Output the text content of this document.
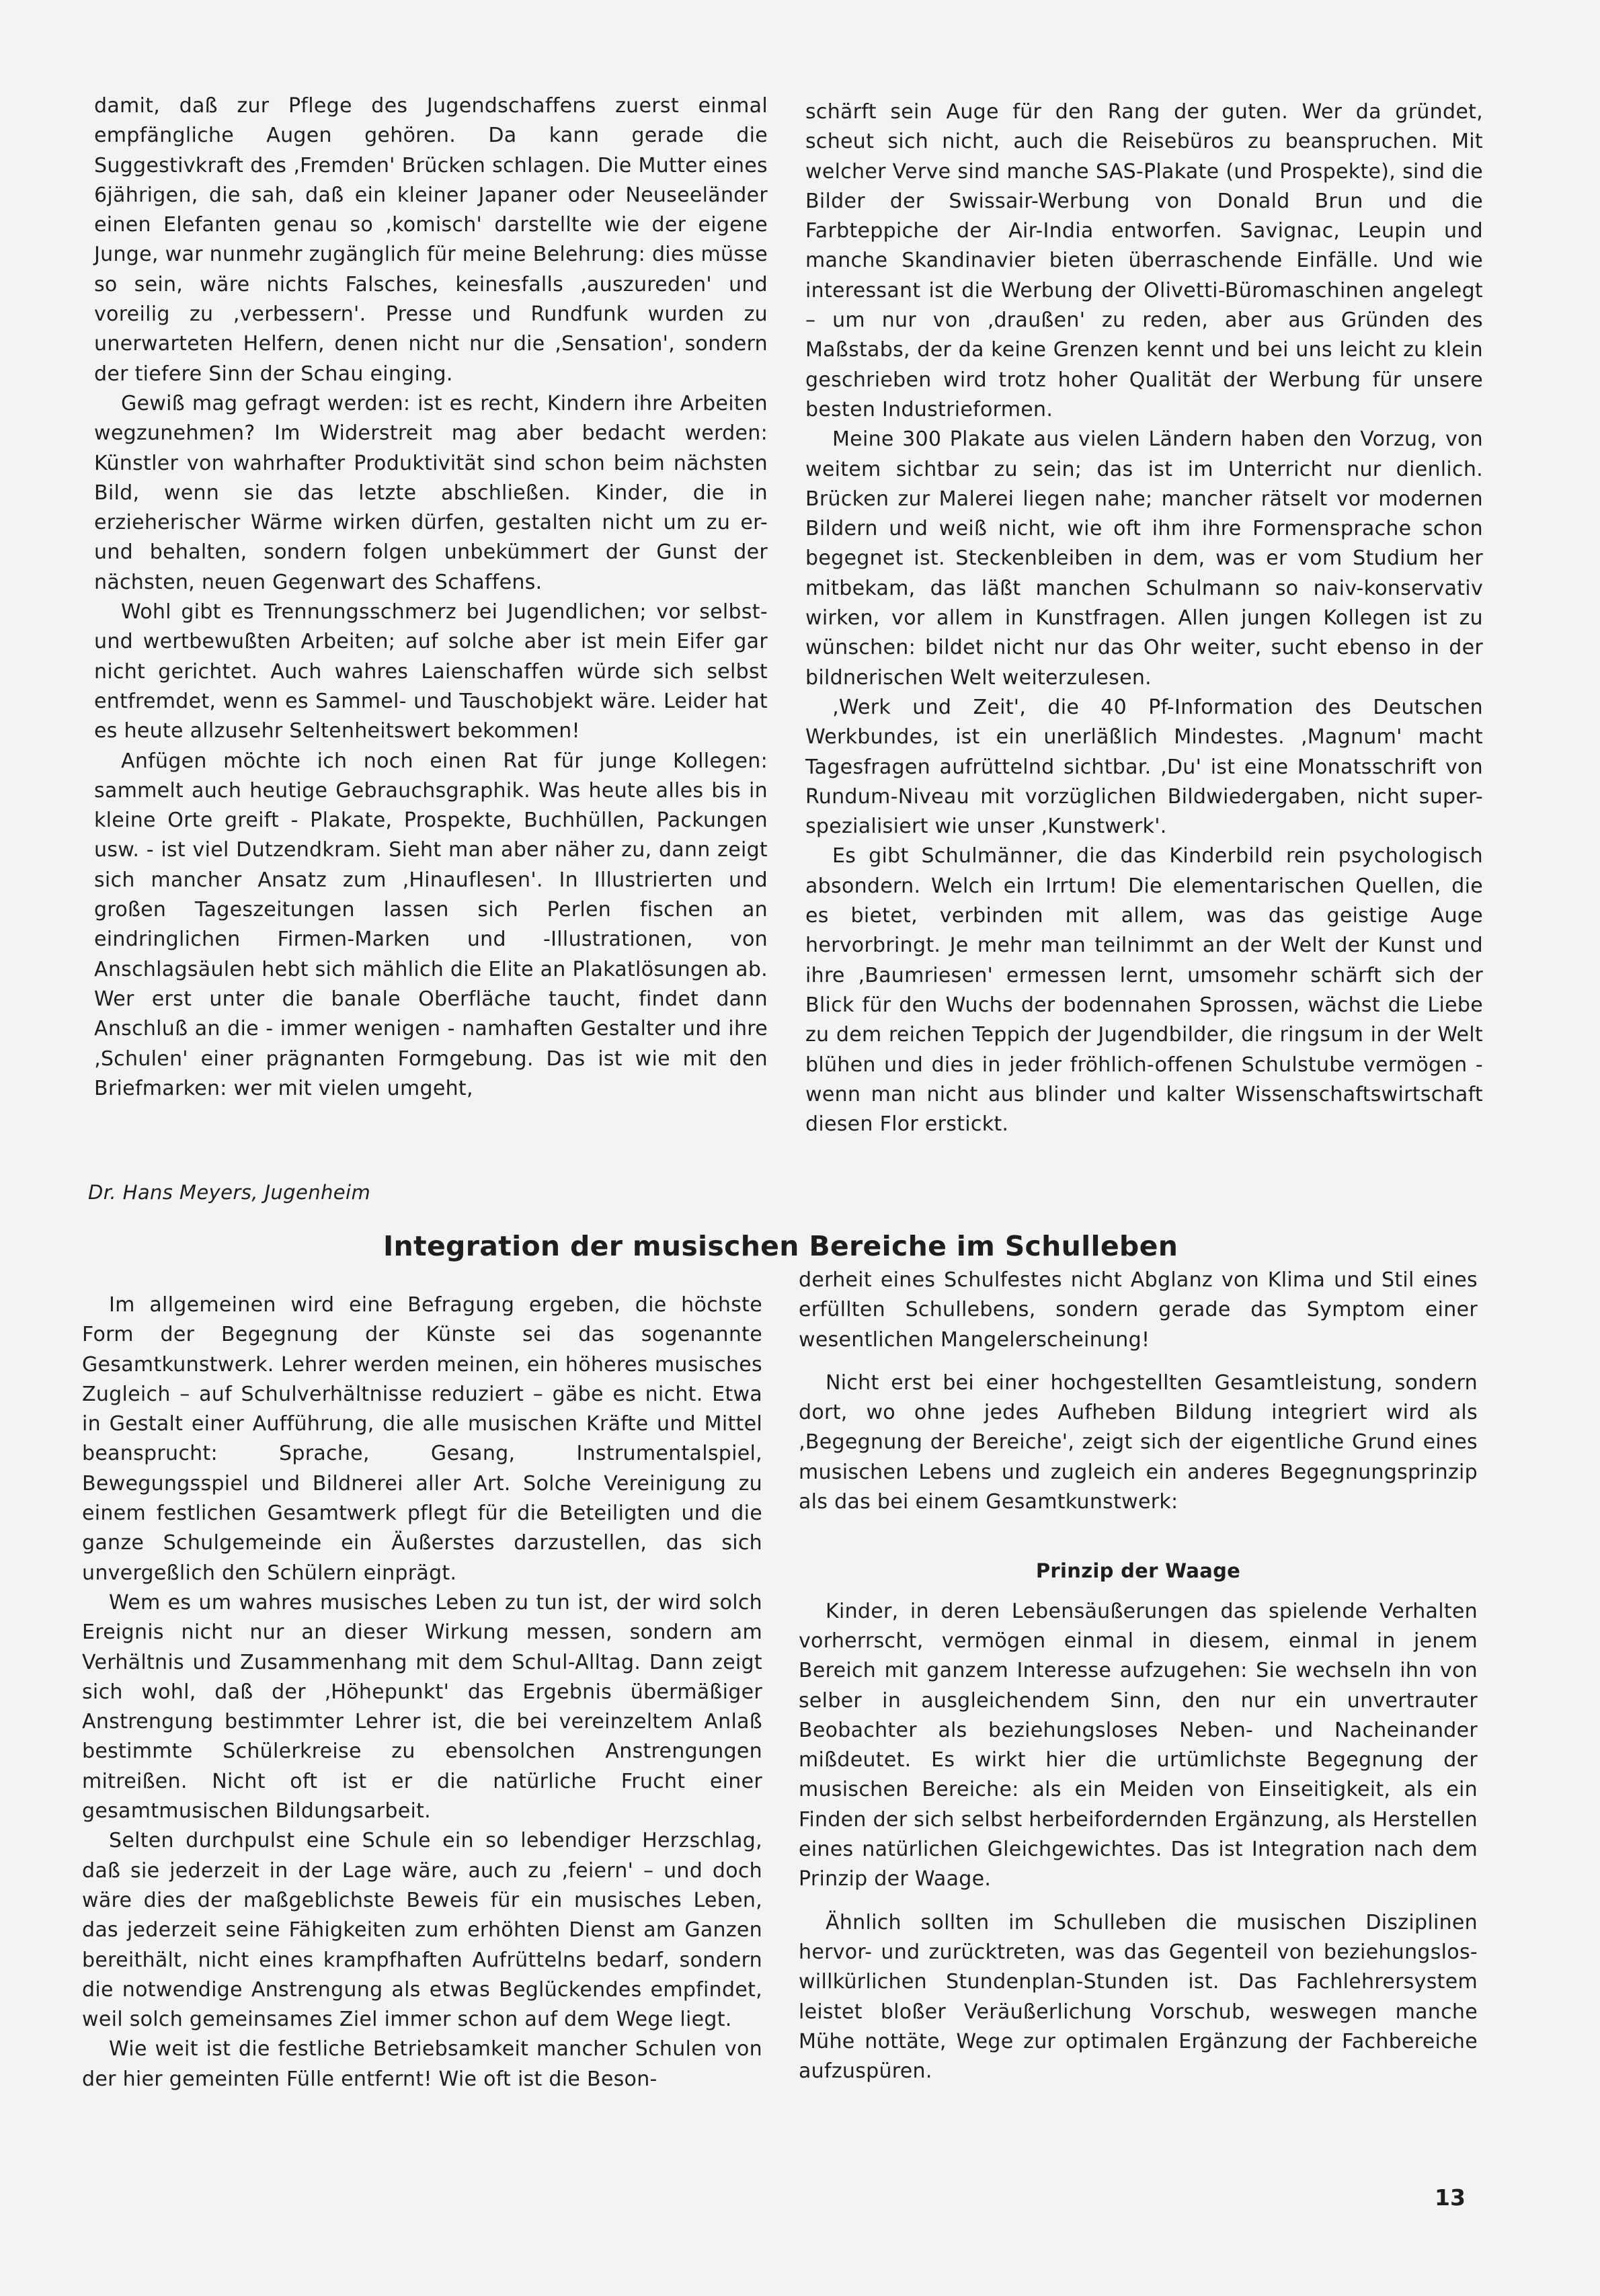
damit, daß zur Pflege des Jugendschaffens zuerst einmal empfängliche Augen gehören. Da kann gerade die Suggestivkraft des ‚Fremden' Brücken schlagen. Die Mutter eines 6jährigen, die sah, daß ein kleiner Japaner oder Neuseeländer einen Elefanten genau so ‚komisch' darstellte wie der eigene Junge, war nunmehr zugänglich für meine Belehrung: dies müsse so sein, wäre nichts Falsches, keinesfalls ‚auszureden' und voreilig zu ‚verbessern'. Presse und Rundfunk wurden zu unerwarteten Helfern, denen nicht nur die ‚Sensation', sondern der tiefere Sinn der Schau einging.

Gewiß mag gefragt werden: ist es recht, Kindern ihre Arbeiten wegzunehmen? Im Widerstreit mag aber bedacht werden: Künstler von wahrhafter Produktivität sind schon beim nächsten Bild, wenn sie das letzte abschließen. Kinder, die in erzieherischer Wärme wirken dürfen, gestalten nicht um zu er- und behalten, sondern folgen unbekümmert der Gunst der nächsten, neuen Gegenwart des Schaffens.

Wohl gibt es Trennungsschmerz bei Jugendlichen; vor selbst- und wertbewußten Arbeiten; auf solche aber ist mein Eifer gar nicht gerichtet. Auch wahres Laienschaffen würde sich selbst entfremdet, wenn es Sammel- und Tauschobjekt wäre. Leider hat es heute allzusehr Seltenheitswert bekommen!

Anfügen möchte ich noch einen Rat für junge Kollegen: sammelt auch heutige Gebrauchsgraphik. Was heute alles bis in kleine Orte greift - Plakate, Prospekte, Buchhüllen, Packungen usw. - ist viel Dutzendkram. Sieht man aber näher zu, dann zeigt sich mancher Ansatz zum ‚Hinauflesen'. In Illustrierten und großen Tageszeitungen lassen sich Perlen fischen an eindringlichen Firmen-Marken und -Illustrationen, von Anschlagsäulen hebt sich mählich die Elite an Plakatlösungen ab. Wer erst unter die banale Oberfläche taucht, findet dann Anschluß an die - immer wenigen - namhaften Gestalter und ihre ‚Schulen' einer prägnanten Formgebung. Das ist wie mit den Briefmarken: wer mit vielen umgeht,

schärft sein Auge für den Rang der guten. Wer da gründet, scheut sich nicht, auch die Reisebüros zu beanspruchen. Mit welcher Verve sind manche SAS-Plakate (und Prospekte), sind die Bilder der Swissair-Werbung von Donald Brun und die Farbteppiche der Air-India entworfen. Savignac, Leupin und manche Skandinavier bieten überraschende Einfälle. Und wie interessant ist die Werbung der Olivetti-Büromaschinen angelegt – um nur von ‚draußen' zu reden, aber aus Gründen des Maßstabs, der da keine Grenzen kennt und bei uns leicht zu klein geschrieben wird trotz hoher Qualität der Werbung für unsere besten Industrieformen.

Meine 300 Plakate aus vielen Ländern haben den Vorzug, von weitem sichtbar zu sein; das ist im Unterricht nur dienlich. Brücken zur Malerei liegen nahe; mancher rätselt vor modernen Bildern und weiß nicht, wie oft ihm ihre Formensprache schon begegnet ist. Steckenbleiben in dem, was er vom Studium her mitbekam, das läßt manchen Schulmann so naiv-konservativ wirken, vor allem in Kunstfragen. Allen jungen Kollegen ist zu wünschen: bildet nicht nur das Ohr weiter, sucht ebenso in der bildnerischen Welt weiterzulesen.

‚Werk und Zeit', die 40 Pf-Information des Deutschen Werkbundes, ist ein unerläßlich Mindestes. ‚Magnum' macht Tagesfragen aufrüttelnd sichtbar. ‚Du' ist eine Monatsschrift von Rundum-Niveau mit vorzüglichen Bildwiedergaben, nicht super-spezialisiert wie unser ‚Kunstwerk'.

Es gibt Schulmänner, die das Kinderbild rein psychologisch absondern. Welch ein Irrtum! Die elementarischen Quellen, die es bietet, verbinden mit allem, was das geistige Auge hervorbringt. Je mehr man teilnimmt an der Welt der Kunst und ihre ‚Baumriesen' ermessen lernt, umsomehr schärft sich der Blick für den Wuchs der bodennahen Sprossen, wächst die Liebe zu dem reichen Teppich der Jugendbilder, die ringsum in der Welt blühen und dies in jeder fröhlich-offenen Schulstube vermögen - wenn man nicht aus blinder und kalter Wissenschaftswirtschaft diesen Flor erstickt.

Dr. Hans Meyers, Jugenheim
Integration der musischen Bereiche im Schulleben

Im allgemeinen wird eine Befragung ergeben, die höchste Form der Begegnung der Künste sei das sogenannte Gesamtkunstwerk. Lehrer werden meinen, ein höheres musisches Zugleich – auf Schulverhältnisse reduziert – gäbe es nicht. Etwa in Gestalt einer Aufführung, die alle musischen Kräfte und Mittel beansprucht: Sprache, Gesang, Instrumentalspiel, Bewegungsspiel und Bildnerei aller Art. Solche Vereinigung zu einem festlichen Gesamtwerk pflegt für die Beteiligten und die ganze Schulgemeinde ein Äußerstes darzustellen, das sich unvergeßlich den Schülern einprägt.

Wem es um wahres musisches Leben zu tun ist, der wird solch Ereignis nicht nur an dieser Wirkung messen, sondern am Verhältnis und Zusammenhang mit dem Schul-Alltag. Dann zeigt sich wohl, daß der ‚Höhepunkt' das Ergebnis übermäßiger Anstrengung bestimmter Lehrer ist, die bei vereinzeltem Anlaß bestimmte Schülerkreise zu ebensolchen Anstrengungen mitreißen. Nicht oft ist er die natürliche Frucht einer gesamtmusischen Bildungsarbeit.

Selten durchpulst eine Schule ein so lebendiger Herzschlag, daß sie jederzeit in der Lage wäre, auch zu ‚feiern' – und doch wäre dies der maßgeblichste Beweis für ein musisches Leben, das jederzeit seine Fähigkeiten zum erhöhten Dienst am Ganzen bereithält, nicht eines krampfhaften Aufrüttelns bedarf, sondern die notwendige Anstrengung als etwas Beglückendes empfindet, weil solch gemeinsames Ziel immer schon auf dem Wege liegt.

Wie weit ist die festliche Betriebsamkeit mancher Schulen von der hier gemeinten Fülle entfernt! Wie oft ist die Beson-

derheit eines Schulfestes nicht Abglanz von Klima und Stil eines erfüllten Schullebens, sondern gerade das Symptom einer wesentlichen Mangelerscheinung!

Nicht erst bei einer hochgestellten Gesamtleistung, sondern dort, wo ohne jedes Aufheben Bildung integriert wird als ‚Begegnung der Bereiche', zeigt sich der eigentliche Grund eines musischen Lebens und zugleich ein anderes Begegnungsprinzip als das bei einem Gesamtkunstwerk:

Prinzip der Waage

Kinder, in deren Lebensäußerungen das spielende Verhalten vorherrscht, vermögen einmal in diesem, einmal in jenem Bereich mit ganzem Interesse aufzugehen: Sie wechseln ihn von selber in ausgleichendem Sinn, den nur ein unvertrauter Beobachter als beziehungsloses Neben- und Nacheinander mißdeutet. Es wirkt hier die urtümlichste Begegnung der musischen Bereiche: als ein Meiden von Einseitigkeit, als ein Finden der sich selbst herbeifordernden Ergänzung, als Herstellen eines natürlichen Gleichgewichtes. Das ist Integration nach dem Prinzip der Waage.

Ähnlich sollten im Schulleben die musischen Disziplinen hervor- und zurücktreten, was das Gegenteil von beziehungslos-willkürlichen Stundenplan-Stunden ist. Das Fachlehrersystem leistet bloßer Veräußerlichung Vorschub, weswegen manche Mühe nottäte, Wege zur optimalen Ergänzung der Fachbereiche aufzuspüren.

13
